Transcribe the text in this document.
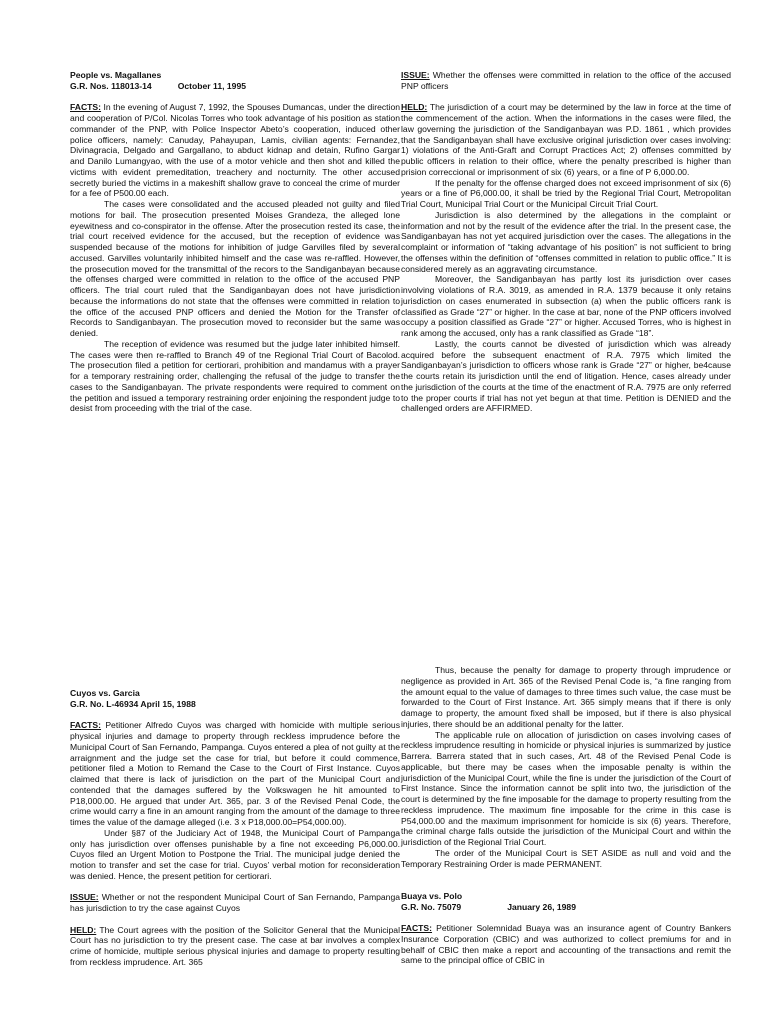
People vs. Magallanes

G.R. Nos. 118013-14	October 11, 1995

FACTS: In the evening of August 7, 1992, the Spouses Dumancas, under the direction and cooperation of P/Col. Nicolas Torres who took advantage of his position as station commander of the PNP, with Police Inspector Abeto’s cooperation, induced other police officers, namely: Canuday, Pahayupan, Lamis, civilian agents: Fernandez, Divinagracia, Delgado and Gargallano, to abduct kidnap and detain, Rufino Gargar and Danilo Lumangyao, with the use of a motor vehicle and then shot and killed the victims with evident premeditation, treachery and nocturnity. The other accused secretly buried the victims in a makeshift shallow grave to conceal the crime of murder for a fee of P500.00 each.

The cases were consolidated and the accused pleaded not guilty and filed motions for bail. The prosecution presented Moises Grandeza, the alleged lone eyewitness and co-conspirator in the offense. After the prosecution rested its case, the trial court received evidence for the accused, but the reception of evidence was suspended because of the motions for inhibition of judge Garvilles filed by several accused. Garvilles voluntarily inhibited himself and the case was re-raffled. However, the prosecution moved for the transmittal of the recors to the Sandiganbayan because the offenses charged were committed in relation to the office of the accused PNP officers. The trial court ruled that the Sandiganbayan does not have jurisdiction because the informations do not state that the offenses were committed in relation to the office of the accused PNP officers and denied the Motion for the Transfer of Records to Sandiganbayan. The prosecution moved to reconsider but the same was denied.

The reception of evidence was resumed but the judge later inhibited himself. The cases were then re-raffled to Branch 49 of tne Regional Trial Court of Bacolod. The prosecution filed a petition for certiorari, prohibition and mandamus with a prayer for a temporary restraining order, challenging the refusal of the judge to transfer the cases to the Sandiganbayan. The private respondents were required to comment on the petition and issued a temporary restraining order enjoining the respondent judge to desist from proceeding with the trial of the case.

ISSUE: Whether the offenses were committed in relation to the office of the accused PNP officers

HELD: The jurisdiction of a court may be determined by the law in force at the time of the commencement of the action. When the informations in the cases were filed, the law governing the jurisdiction of the Sandiganbayan was P.D. 1861 , which provides that the Sandiganbayan shall have exclusive original jurisdiction over cases involving: 1) violations of the Anti-Graft and Corrupt Practices Act; 2) offenses committed by public officers in relation to their office, where the penalty prescribed is higher than prision correccional or imprisonment of six (6) years, or a fine of P 6,000.00.

If the penalty for the offense charged does not exceed imprisonment of six (6) years or a fine of P6,000.00, it shall be tried by the Regional Trial Court, Metropolitan Trial Court, Municipal Trial Court or the Municipal Circuit Trial Court.

Jurisdiction is also determined by the allegations in the complaint or information and not by the result of the evidence after the trial. In the present case, the Sandiganbayan has not yet acquired jurisdiction over the cases. The allegations in the complaint or information of “taking advantage of his position” is not sufficient to bring the offenses within the definition of “offenses committed in relation to public office.” It is considered merely as an aggravating circumstance.

Moreover, the Sandiganbayan has partly lost its jurisdiction over cases involving violations of R.A. 3019, as amended in R.A. 1379 because it only retains jurisdiction on cases enumerated in subsection (a) when the public officers rank is classified as Grade “27” or higher. In the case at bar, none of the PNP officers involved occupy a position classified as Grade “27” or higher. Accused Torres, who is highest in rank among the accused, only has a rank classified as Grade “18”.

Lastly, the courts cannot be divested of jurisdiction which was already acquired before the subsequent enactment of R.A. 7975 which limited the Sandiganbayan’s jurisdiction to officers whose rank is Grade “27” or higher, be4cause the courts retain its jurisdiction until the end of litigation. Hence, cases already under the jurisdiction of the courts at the time of the enactment of R.A. 7975 are only referred to the proper courts if trial has not yet begun at that time. Petition is DENIED and the challenged orders are AFFIRMED.

Cuyos vs. Garcia

G.R. No. L-46934 April 15, 1988

FACTS: Petitioner Alfredo Cuyos was charged with homicide with multiple serious physical injuries and damage to property through reckless imprudence before the Municipal Court of San Fernando, Pampanga. Cuyos entered a plea of not guilty at the arraignment and the judge set the case for trial, but before it could commence, petitioner filed a Motion to Remand the Case to the Court of First Instance. Cuyos claimed that there is lack of jurisdiction on the part of the Municipal Court and contended that the damages suffered by the Volkswagen he hit amounted to P18,000.00. He argued that under Art. 365, par. 3 of the Revised Penal Code, the crime would carry a fine in an amount ranging from the amount of the damage to three times the value of the damage alleged (i.e. 3 x P18,000.00=P54,000.00).

Under §87 of the Judiciary Act of 1948, the Municipal Court of Pampanga only has jurisdiction over offenses punishable by a fine not exceeding P6,000.00. Cuyos filed an Urgent Motion to Postpone the Trial. The municipal judge denied the motion to transfer and set the case for trial. Cuyos’ verbal motion for reconsideration was denied. Hence, the present petition for certiorari.

ISSUE: Whether or not the respondent Municipal Court of San Fernando, Pampanga has jurisdiction to try the case against Cuyos

HELD: The Court agrees with the position of the Solicitor General that the Municipal Court has no jurisdiction to try the present case. The case at bar involves a complex crime of homicide, multiple serious physical injuries and damage to property resulting from reckless imprudence. Art. 365

Thus, because the penalty for damage to property through imprudence or negligence as provided in Art. 365 of the Revised Penal Code is, “a fine ranging from the amount equal to the value of damages to three times such value, the case must be forwarded to the Court of First Instance. Art. 365 simply means that if there is only damage to property, the amount fixed shall be imposed, but if there is also physical injuries, there should be an additional penalty for the latter.

The applicable rule on allocation of jurisdiction on cases involving cases of reckless imprudence resulting in homicide or physical injuries is summarized by justice Barrera. Barrera stated that in such cases, Art. 48 of the Revised Penal Code is applicable, but there may be cases when the imposable penalty is within the jurisdiction of the Municipal Court, while the fine is under the jurisdiction of the Court of First Instance. Since the information cannot be split into two, the jurisdiction of the court is determined by the fine imposable for the damage to property resulting from the reckless imprudence. The maximum fine imposable for the crime in this case is P54,000.00 and the maximum imprisonment for homicide is six (6) years. Therefore, the criminal charge falls outside the jurisdiction of the Municipal Court and within the jurisdiction of the Regional Trial Court.

The order of the Municipal Court is SET ASIDE as null and void and the Temporary Restraining Order is made PERMANENT.

Buaya vs. Polo

G.R. No. 75079	January 26, 1989

FACTS: Petitioner Solemnidad Buaya was an insurance agent of Country Bankers Insurance Corporation (CBIC) and was authorized to collect premiums for and in behalf of CBIC then make a report and accounting of the transactions and remit the same to the principal office of CBIC in
